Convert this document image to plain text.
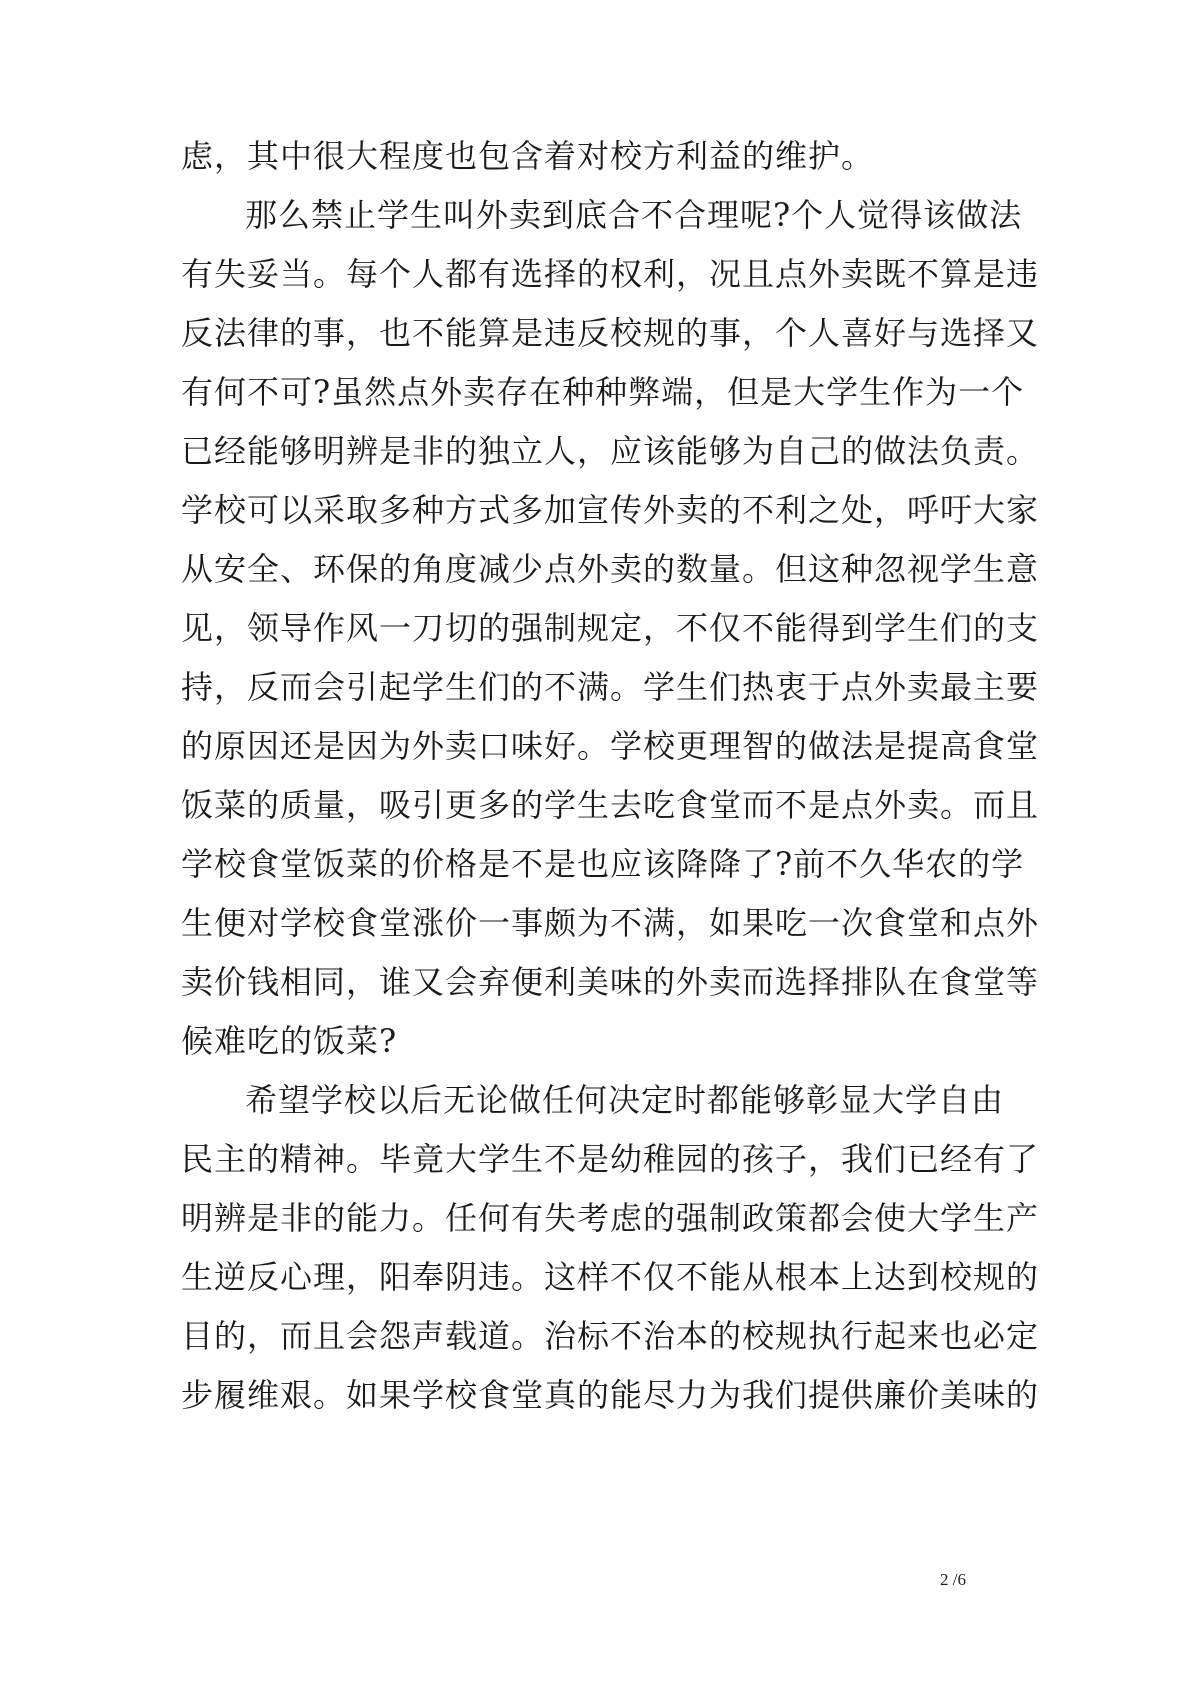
虑，其中很大程度也包含着对校方利益的维护。
那么禁止学生叫外卖到底合不合理呢?个人觉得该做法
有失妥当。每个人都有选择的权利，况且点外卖既不算是违
反法律的事，也不能算是违反校规的事，个人喜好与选择又
有何不可?虽然点外卖存在种种弊端，但是大学生作为一个
已经能够明辨是非的独立人，应该能够为自己的做法负责。
学校可以采取多种方式多加宣传外卖的不利之处，呼吁大家
从安全、环保的角度减少点外卖的数量。但这种忽视学生意
见，领导作风一刀切的强制规定，不仅不能得到学生们的支
持，反而会引起学生们的不满。学生们热衷于点外卖最主要
的原因还是因为外卖口味好。学校更理智的做法是提高食堂
饭菜的质量，吸引更多的学生去吃食堂而不是点外卖。而且
学校食堂饭菜的价格是不是也应该降降了?前不久华农的学
生便对学校食堂涨价一事颇为不满，如果吃一次食堂和点外
卖价钱相同，谁又会弃便利美味的外卖而选择排队在食堂等
候难吃的饭菜?
希望学校以后无论做任何决定时都能够彰显大学自由
民主的精神。毕竟大学生不是幼稚园的孩子，我们已经有了
明辨是非的能力。任何有失考虑的强制政策都会使大学生产
生逆反心理，阳奉阴违。这样不仅不能从根本上达到校规的
目的，而且会怨声载道。治标不治本的校规执行起来也必定
步履维艰。如果学校食堂真的能尽力为我们提供廉价美味的
2 /6
